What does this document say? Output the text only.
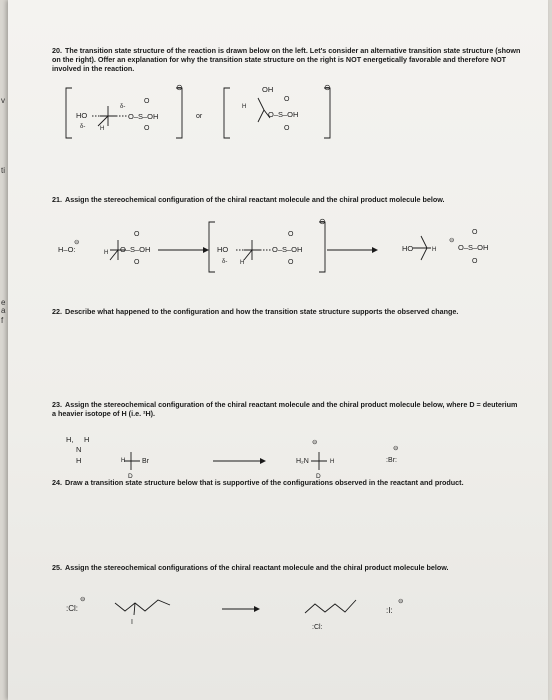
v
ti
e
a
f
20. The transition state structure of the reaction is drawn below on the left. Let's consider an alternative transition state structure (shown on the right). Offer an explanation for why the transition state structure on the right is NOT energetically favorable and therefore NOT involved in the reaction.
21. Assign the stereochemical configuration of the chiral reactant molecule and the chiral product molecule below.
22. Describe what happened to the configuration and how the transition state structure supports the observed change.
23. Assign the stereochemical configuration of the chiral reactant molecule and the chiral product molecule below, where D = deuterium a heavier isotope of H (i.e. ²H).
24. Draw a transition state structure below that is supportive of the configurations observed in the reactant and product.
25. Assign the stereochemical configurations of the chiral reactant molecule and the chiral product molecule below.
HO
δ- H
O–S–OH
O
O
δ-
⊖
or
OH
H
O–S–OH
O
O
⊖
H–O:
⊖
H O–S–OH
O
O
HO
δ- H
O–S–OH
O
O
⊖
HO	H	O–S–OH
O
O
⊖
H, H
N
H	H Br
D
H₂N
⊖
H
D
:Br:
⊖
:Cl:
⊖
I
:Cl:
:I:
⊖
